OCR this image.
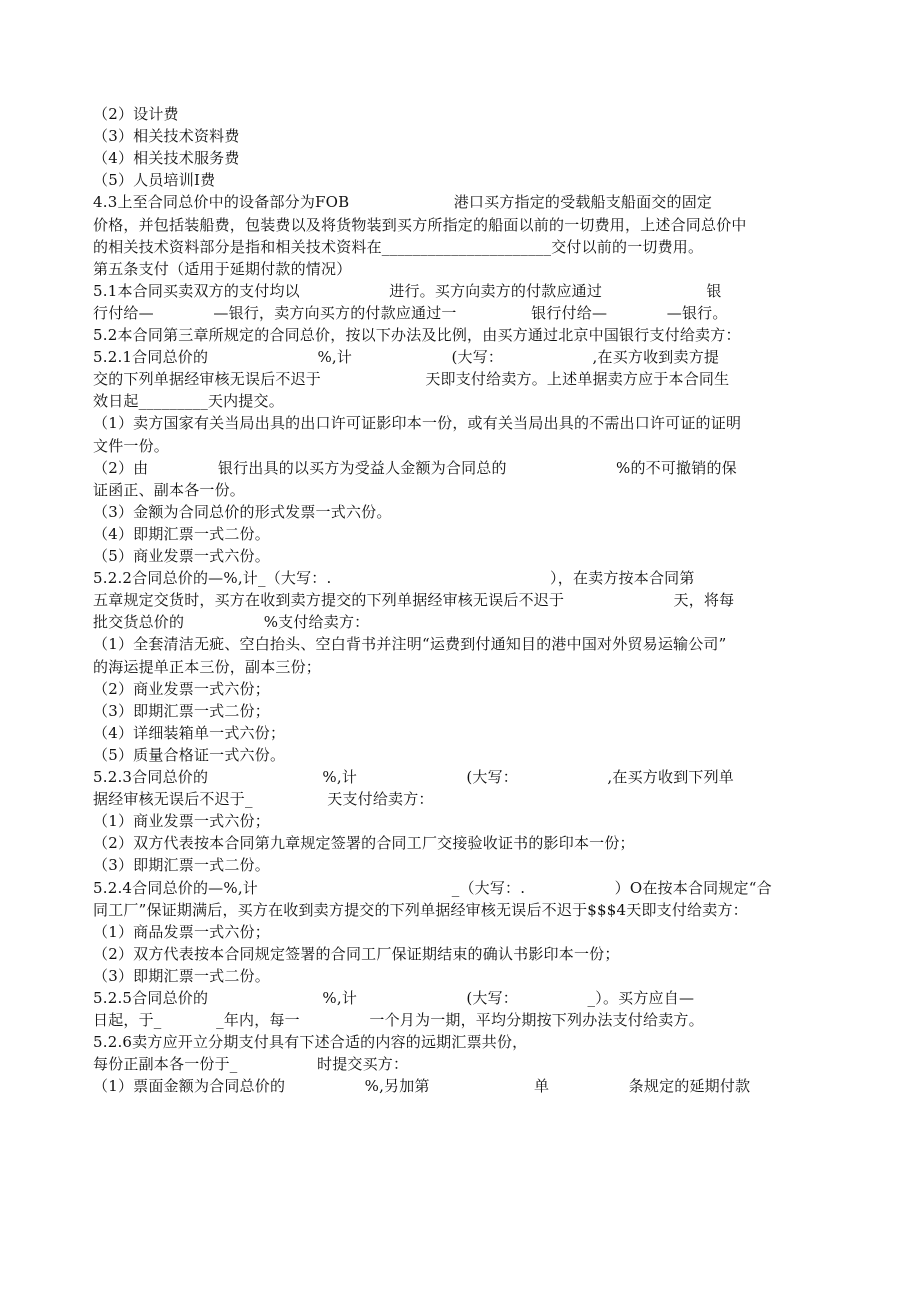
（2）设计费
（3）相关技术资料费
（4）相关技术服务费
（5）人员培训I费
4.3上至合同总价中的设备部分为FOB                     港口买方指定的受载船支船面交的固定
价格，并包括装船费，包装费以及将货物装到买方所指定的船面以前的一切费用，上述合同总价中
的相关技术资料部分是指和相关技术资料在______________________交付以前的一切费用。
第五条支付（适用于延期付款的情况）
5.1本合同买卖双方的支付均以                  进行。买方向卖方的付款应通过                     银
行付给—            —银行，卖方向买方的付款应通过一               银行付给—            —银行。
5.2本合同第三章所规定的合同总价，按以下办法及比例，由买方通过北京中国银行支付给卖方：
5.2.1合同总价的                      %,计                    (大写：                  ,在买方收到卖方提
交的下列单据经审核无误后不迟于                     天即支付给卖方。上述单据卖方应于本合同生
效日起_________天内提交。
（1）卖方国家有关当局出具的出口许可证影印本一份，或有关当局出具的不需出口许可证的证明
文件一份。
（2）由              银行出具的以买方为受益人金额为合同总的                      %的不可撤销的保
证函正、副本各一份。
（3）金额为合同总价的形式发票一式六份。
（4）即期汇票一式二份。
（5）商业发票一式六份。
5.2.2合同总价的—%,计_（大写：.                                            ），在卖方按本合同第
五章规定交货时，买方在收到卖方提交的下列单据经审核无误后不迟于                      天，将每
批交货总价的                %支付给卖方：
（1）全套清洁无疵、空白抬头、空白背书并注明“运费到付通知目的港中国对外贸易运输公司”
的海运提单正本三份，副本三份；
（2）商业发票一式六份；
（3）即期汇票一式二份；
（4）详细装箱单一式六份；
（5）质量合格证一式六份。
5.2.3合同总价的                       %,计                      (大写：                  ,在买方收到下列单
据经审核无误后不迟于_               天支付给卖方：
（1）商业发票一式六份；
（2）双方代表按本合同第九章规定签署的合同工厂交接验收证书的影印本一份；
（3）即期汇票一式二份。
5.2.4合同总价的—%,计                                       _（大写：.                  ）O在按本合同规定“合
同工厂”保证期满后，买方在收到卖方提交的下列单据经审核无误后不迟于$$$4天即支付给卖方：
（1）商品发票一式六份；
（2）双方代表按本合同规定签署的合同工厂保证期结束的确认书影印本一份；
（3）即期汇票一式二份。
5.2.5合同总价的                       %,计                      (大写：              _）。买方应自—
日起，于_           _年内，每一              一个月为一期，平均分期按下列办法支付给卖方。
5.2.6卖方应开立分期支付具有下述合适的内容的远期汇票共份，
每份正副本各一份于_                时提交买方：
（1）票面金额为合同总价的                %,另加第                     单                条规定的延期付款
